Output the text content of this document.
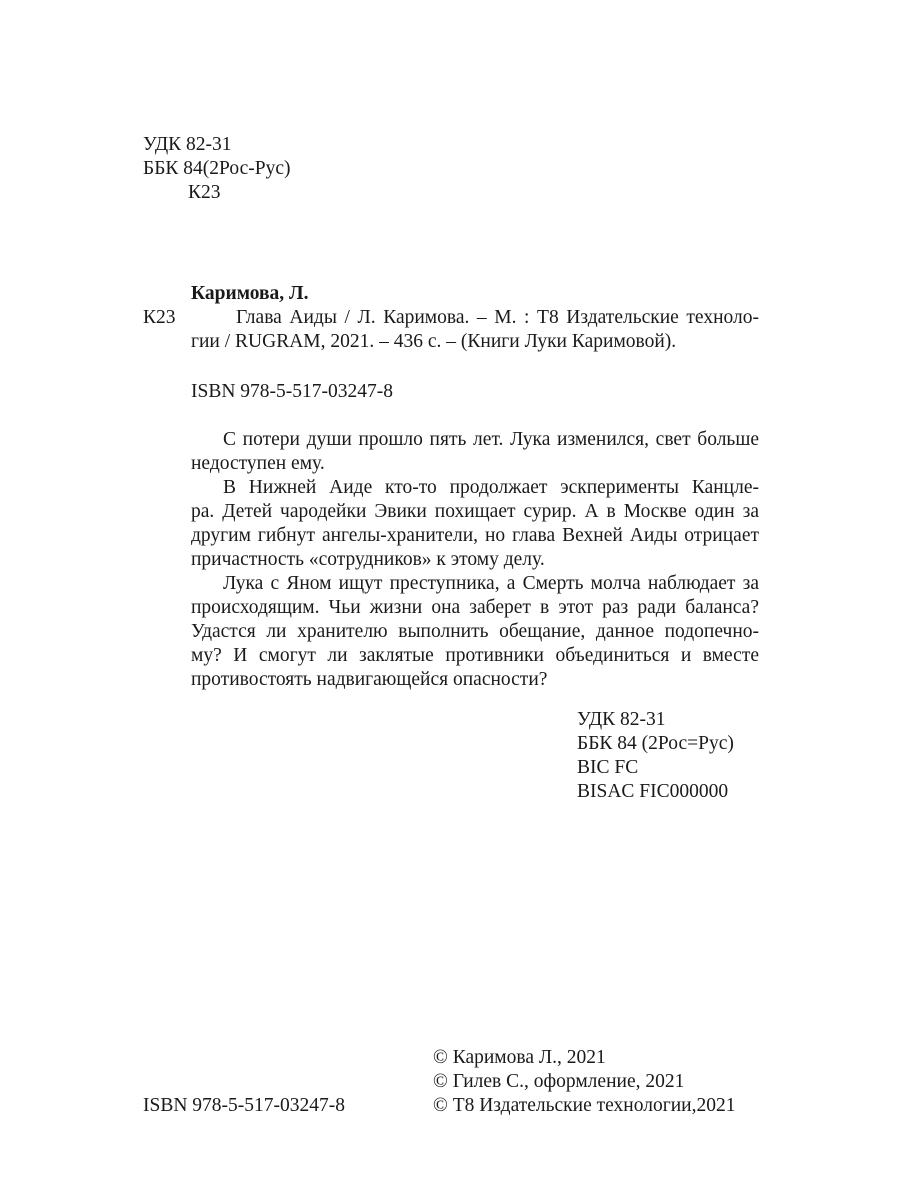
УДК 82-31
ББК 84(2Рос-Рус)
К23
Каримова, Л.
К23	Глава Аиды / Л. Каримова. – М. : Т8 Издательские техноло-
гии / RUGRAM, 2021. – 436 с. – (Книги Луки Каримовой).
ISBN 978-5-517-03247-8
С потери души прошло пять лет. Лука изменился, свет больше
недоступен ему.
В Нижней Аиде кто-то продолжает эскперименты Канцле-
ра. Детей чародейки Эвики похищает сурир. А в Москве один за
другим гибнут ангелы-хранители, но глава Вехней Аиды отрицает
причастность «сотрудников» к этому делу.
Лука с Яном ищут преступника, а Смерть молча наблюдает за
происходящим. Чьи жизни она заберет в этот раз ради баланса?
Удастся ли хранителю выполнить обещание, данное подопечно-
му? И смогут ли заклятые противники объединиться и вместе
противостоять надвигающейся опасности?
УДК 82-31
ББК 84 (2Рос=Рус)
BIC FC
BISAC FIC000000
© Каримова Л., 2021
© Гилев С., оформление, 2021
© Т8 Издательские технологии,2021
ISBN 978-5-517-03247-8
